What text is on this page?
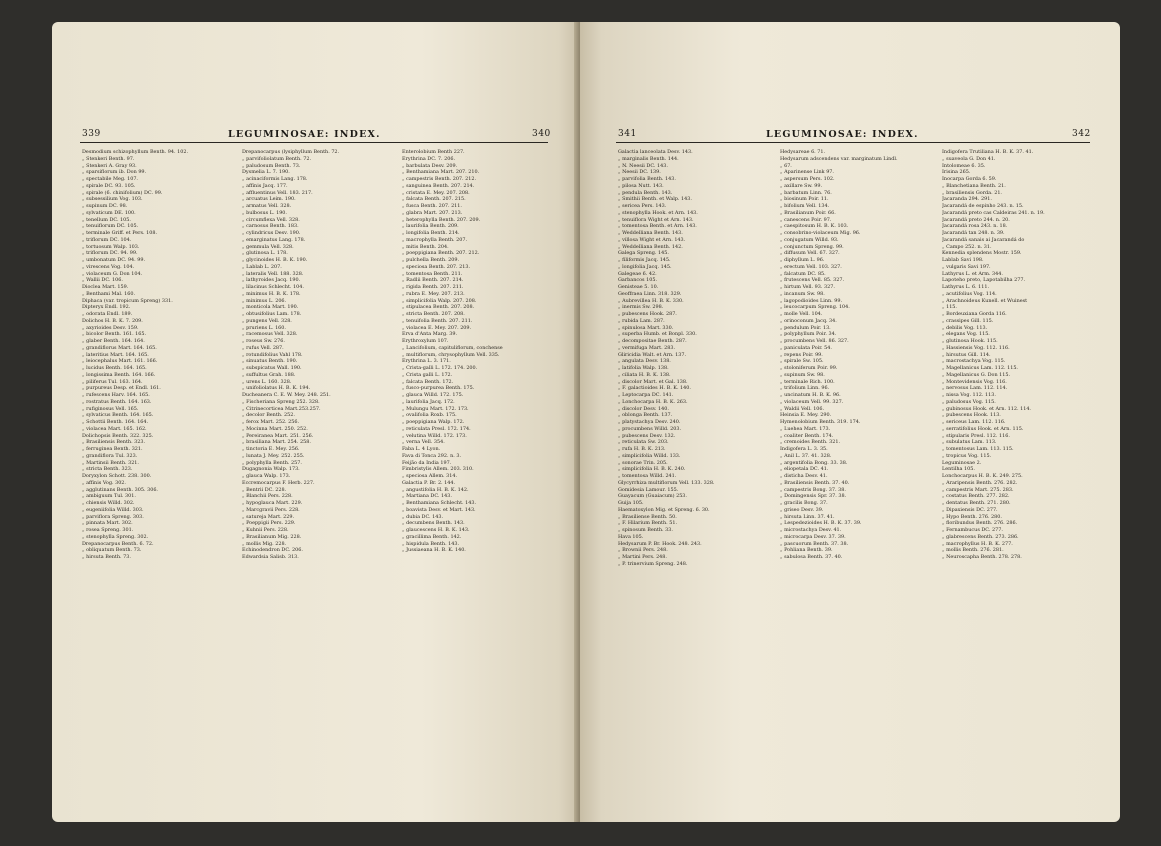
339	LEGUMINOSAE: INDEX.	340
Desmodium schizophyllum Benth. 94. 102.
„ Stenkeri Benth. 97.
„ Stenkeri A. Gray 93.
„ sparsiflorum ib. Don 99.
„ spectabile Meg. 107.
„ spiralе DC. 93. 105.
„ spirale (6. chinifolium) DC. 99.
„ subsessilium Vog. 103.
„ supinum DC. 98.
„ sylvaticum DE. 100.
„ tenellum DC. 105.
„ tenuiflorum DC. 105.
„ terminale Griff. et Pers. 108.
„ triflorum DC. 104.
„ tortuosum Walp. 103.
„ triflorum DC. 94. 99.
„ umbonatum DC. 94. 99.
„ virescens Vog. 104.
„ violaceum G. Don 104.
„ Wallii DC. 106.
Dioclea Mart. 159.
„ Benthami Mal. 160.
Diphaca (var. tropicum Spreng) 331.
Dipteryx Endl. 192.
„ odorata Endl. 189.
Dolichos H. B. K. 7. 209.
„ axyrioides Desv. 159.
„ bicolor Benth. 161. 165.
„ glaber Benth. 164. 164.
„ grandiflorus Mart. 164. 165.
„ lateritius Mart. 164. 165.
„ leiocephalus Mart. 161. 166.
„ lucidus Benth. 164. 165.
„ longissima Benth. 164. 166.
„ piliferus Tul. 163. 164.
„ purpureus Desp. et Endl. 161.
„ rufescens Harv. 164. 165.
„ rostratus Benth. 164. 163.
„ rufiginosus Vell. 165.
„ sylvaticus Benth. 164. 165.
„ Schottii Benth. 164. 164.
„ violacea Mart. 165. 162.
Dolichopsis Benth. 322. 325.
„ Brasiliensis Benth. 323.
„ ferruginea Benth. 321.
„ grandiflora Tul. 323.
„ Martinsii Benth. 321.
„ stricta Benth. 323.
Doryxylon Schott. 238. 300.
„ affinis Vog. 302.
„ agglutinans Benth. 305. 306.
„ ambiguum Tul. 301.
„ chiensis Willd. 302.
„ eugeniifolia Willd. 303.
„ parviflora Spreng. 303.
„ pinnata Mart. 302.
„ rosea Spreng. 301.
„ stenophylla Spreng. 302.
Drepanocarpus Benth. 6. 72.
„ obliquatum Benth. 73.
„ hirsuta Benth. 73.
Drepanocarpus (lysiphyllum Benth. 72.
„ parvifoliolatum Benth. 72.
„ paludosum Benth. 73.
Dysmelia L. 7. 190.
„ acinaciformis Lang. 178.
„ affinis Jacq. 177.
„ affluentinus Vell. 183. 217.
„ arcuatus Leim. 190.
„ armatus Vell. 328.
„ bulbosus L. 190.
„ circumflexa Vell. 328.
„ carnosus Benth. 183.
„ cylindricus Desv. 190.
„ emarginatus Lang. 178.
„ gemmula Vell. 328.
„ glutinosa L. 178.
„ glycinoides H. B. K. 190.
„ Lablab L. 207.
„ lateralis Vell. 188. 328.
„ lathyroides Jacq. 190.
„ lilacinus Schlecht. 104.
„ minimus H. B. K. 178.
„ minimus L. 206.
„ monticola Mart. 190.
„ obtusifolius Lam. 178.
„ pungens Vell. 328.
„ pruriens L. 160.
„ racemosus Vell. 328.
„ roseus Sw. 276.
„ rufus Vell. 287.
„ rotundifolius Vahl 178.
„ sinuatus Benth. 190.
„ subspicatus Wall. 190.
„ suffultus Grah. 188.
„ urens L. 160. 328.
„ unifoliolatus H. B. K. 194.
Ducheanera C. E. W. Mey. 248. 251.
„ Fischeriana Spreng 252. 328.
„ Citrinecorticea Mart.253.257.
„ decolor Benth. 252.
„ ferox Mart. 252. 256.
„ Mocinna Mart. 250. 252.
„ Pereiranea Mart. 251. 256.
„ brasiliana Mart. 254. 258.
„ tinctoria E. Mey. 256.
„ lunata J. Mey. 252. 255.
„ polyphylla Benth. 257.
Dugagnonia Walp. 173.
„ glauca Walp. 173.
Eccremocarpus F. Herb. 227.
„ Bentrii DC. 228.
„ Blanchii Pers. 228.
„ hypoglauca Mart. 229.
„ Marcgravii Pers. 228.
„ satureja Mart. 229.
„ Poeppigii Pers. 229.
„ Kuhnii Pers. 228.
„ Brasilianum Mig. 228.
„ mollis Mig. 228.
Echinodendron DC. 206.
Edwardsia Salisb. 313.
Enterolobium Benth 227.
Erythrina DC. 7. 206.
„ barbulata Desv. 209.
„ Benthamiana Mart. 207. 210.
„ campestris Benth. 207. 212.
„ sanguinea Benth. 207. 214.
„ cristata E. Mey. 207. 208.
„ falcata Benth. 207. 215.
„ fusca Benth. 207. 211.
„ glabra Mart. 207. 213.
„ heterophylla Benth. 207. 209.
„ laurifolia Benth. 209.
„ longifolia Benth. 214.
„ macrophylla Benth. 207.
„ mitis Benth. 204.
„ poeppigiana Benth. 207. 212.
„ pulchella Benth. 209.
„ speciosa Benth. 207. 213.
„ tomentosa Benth. 211.
„ Radlii Benth. 207. 214.
„ rigida Benth. 207. 211.
„ rubra E. Mey. 207. 213.
„ simplicifolia Walp. 207. 208.
„ stipulacea Benth. 207. 208.
„ stricta Benth. 207. 208.
„ tenuifolia Benth. 207. 211.
„ violacea E. Mey. 207. 209.
Erva d'Anta Marg. 39.
Erythroxylum 107.
„ Lancifolium, capituliflorum, conchense
„ multiflorum, chrysophyllum Vell. 335.
Erythrina L. 3. 171.
„ Crista-galli L. 172. 174. 200.
„ Crista galli L. 172.
„ falcata Benth. 172.
„ fusco-purpurea Benth. 175.
„ glauca Willd. 172. 175.
„ laurifolia Jacq. 172.
„ Mulungu Mart. 172. 173.
„ ovalifolia Roxb. 175.
„ poeppigiana Walp. 172.
„ reticulata Presl. 172. 174.
„ velutina Willd. 172. 173.
„ verna Vell. 354.
Faba L. 4 Lyon.
Fava di Tonca 292. n. 3.
Feijão da India 197.
Fimbristylis Allem. 203. 310.
„ speciosa Allem. 314.
Galactia P. Br. 2. 144.
„ angustifolia H. B. K. 142.
„ Martiana DC. 143.
„ Benthamiana Schlecht. 143.
„ boavista Desv. et Mart. 143.
„ dubia DC. 143.
„ decumbens Benth. 143.
„ glaucescens H. B. K. 143.
„ gracillima Benth. 142.
„ hispidula Benth. 143.
„ Jussiaeana H. B. K. 140.
341	LEGUMINOSAE: INDEX.	342
Galactia lanceolata Desv. 143.
„ marginalis Benth. 144.
„ N. Neesii DC. 143.
„ Neesii DC. 139.
„ parvifolia Benth. 143.
„ pilosa Nutt. 143.
„ pendula Benth. 143.
„ Smithii Benth. et Walp. 143.
„ sericea Pers. 143.
„ stenophylla Hook. et Arn. 143.
„ tenuiflora Wight et Arn. 143.
„ tomentosa Benth. et Arn. 143.
„ Weddelliana Benth. 143.
„ villosa Wight et Arn. 143.
„ Weddelliana Benth. 142.
Galega Spreng. 145.
„ filiformis Jacq. 145.
„ longifolia Jacq. 145.
Galegeae 6. 42.
Garbancos 105.
Genisteae 5. 10.
Geoffraea Linn. 318. 329.
„ Aubrevillea H. B. K. 330.
„ inermis Sw. 298.
„ pubescens Hook. 287.
„ rubida Lam. 287.
„ spinulosa Mart. 330.
„ superba Humb. et Bonpl. 330.
„ decompositae Benth. 287.
„ vermifuga Mart. 283.
Gliricidia Walt. et Arn. 137.
„ angulata Desv. 138.
„ latifolia Walp. 138.
„ ciliata H. B. K. 138.
„ discolor Mart. et Gal. 138.
„ F. galactioides H. B. K. 140.
„ Leptocarpa DC. 141.
„ Lonchocarpa H. B. K. 263.
„ discolor Desv. 140.
„ oblonga Benth. 137.
„ platystachya Desv. 240.
„ procumbens Willd. 203.
„ pubescens Desv. 132.
„ reticulata Sw. 203.
„ rufa H. B. K. 213.
„ simplicifolia Willd. 133.
„ sonorae Trin. 205.
„ simplicifolia H. B. K. 240.
„ tomentosa Willd. 241.
Glycyrrhiza multiflorum Vell. 133. 328.
Gomidesia Lamour. 155.
Guayacum (Guaiacum) 253.
Guija 105.
Haematoxylon Mig. et Spreng. 6. 30.
„ Brasiliense Benth. 50.
„ F. Hilarium Benth. 51.
„ spinosum Benth. 33.
Hava 105.
Hedysarum P. Br. Hook. 248. 243.
„ Brownii Pers. 248.
„ Martini Pers. 248.
„ P. trinervium Spreng. 248.
Hedysareae 6. 71.
Hedysarum adscendens var. marginatum Lindl.
„ 67.
„ Aparinense Link 97.
„ aspersum Pers. 102.
„ axillare Sw. 99.
„ barbatum Linn. 76.
„ biosinum Poir. 11.
„ bifolium Vell. 134.
„ Brasilianum Poir. 66.
„ canescens Poir. 97.
„ caespitosum H. B. K. 103.
„ consobrino-violaceum Mig. 96.
„ conjugatum Willd. 93.
„ conjunctum Spreng. 99.
„ diffusum Vell. 67. 327.
„ diphyllum L. 96.
„ erectum Vell. 103. 327.
„ falcatum DC. 85.
„ frutescens Vell. 85. 327.
„ hirtum Vell. 93. 327.
„ incanum Sw. 98.
„ lagopodioides Linn. 99.
„ leucocarpum Spreng. 104.
„ molle Vell. 104.
„ orinoconum Jacq. 34.
„ pendulum Poir. 13.
„ polyphyllum Poir. 34.
„ procumbens Vell. 86. 327.
„ paniculata Poir. 54.
„ repens Poir. 99.
„ spirale Sw. 105.
„ stoloniferum Poir. 99.
„ supinum Sw. 98.
„ terminale Rich. 100.
„ trifolium Linn. 96.
„ uncinatum H. B. K. 96.
„ violaceum Vell. 99. 327.
„ Waldii Vell. 106.
Heinsia E. Mey. 290.
Hymenolobium Benth. 319. 174.
„ Luehea Mart. 173.
„ coaliter Benth. 174.
„ cremoides Benth. 321.
Indigofera L. 3. 35.
„ Anil L. 37. 41. 328.
„ argentifolia Bong. 33. 38.
„ eliopetala DC. 41.
„ disticha Desv. 41.
„ Brasiliensis Benth. 37. 40.
„ campestris Bong. 37. 38.
„ Domingensis Spr. 37. 38.
„ gracilis Bong. 37.
„ griseo Desv. 39.
„ hirsuta Linn. 37. 41.
„ Lespedezioides H. B. K. 37. 39.
„ microstachya Desv. 41.
„ microcarpa Desv. 37. 39.
„ pascuorum Benth. 37. 38.
„ Pohliana Benth. 39.
„ sabulosa Benth. 37. 40.
Indigofera Trutiliana H. B. K. 37. 41.
„ suaveola G. Don 41.
Intolomeae 6. 35.
Irisina 265.
Inocarpa Gorda 6. 59.
„ Blanchetiana Benth. 21.
„ brasiliensis Gorda. 21.
Jacaranda 294. 291.
Jacarandá de espinho 243. n. 15.
Jacarandá preto cas Caldeiras 241. n. 19.
Jacarandá preto 244. n. 20.
Jacarandá rosa 243. n. 18.
Jacarandá tan 248. n. 39.
Jacarandá sanais ai Jacarandá do
„ Campo 252. n. 31.
Kennedia splendens Mostr. 159.
Lablab Savi 198.
„ vulgaris Savi 197.
Lathyrus L. et Arm. 344.
Lapoteho preto, Lapotabilha 277.
Lathyrus L. 6. 111.
„ acutifolius Vog. 114.
„ Arachnoideus Kunell. et Wuinest
„ 115.
„ Bordeuxiana Gorda 116.
„ crassipes Gill. 115.
„ debilis Vog. 113.
„ elegans Vog. 115.
„ glutinosa Hook. 115.
„ Hassiensis Vog. 112. 116.
„ hirsutus Gill. 114.
„ macrostachya Vog. 115.
„ Magellanicus Lam. 112. 115.
„ Magellanicus G. Don 115.
„ Montevidensis Vog. 116.
„ nervosus Lam. 112. 114.
„ nissa Vog. 112. 113.
„ paludosus Vog. 115.
„ gubinosus Hook. et Arn. 112. 114.
„ pubescens Hook. 113.
„ sericeus Lam. 112. 116.
„ serratifolius Hook. et Arn. 115.
„ stipularis Presl. 112. 116.
„ subulatus Lam. 113.
„ tomentosus Lam. 113. 115.
„ tropicus Vog. 115.
Leguminosae 2.
Lentilha 105.
Lonchocarpus H. B. K. 249. 275.
„ Araripensis Benth. 276. 282.
„ campestris Mart. 275. 283.
„ costatus Benth. 277. 282.
„ dentatus Benth. 271. 280.
„ Dipaxiensis DC. 277.
„ Hypo Benth. 276. 280.
„ floribundus Benth. 276. 286.
„ Fernambucus DC. 277.
„ glabrescens Benth. 273. 286.
„ macrophyllus H. B. K. 277.
„ mollis Benth. 276. 281.
„ Neuroscapha Benth. 278. 278.
